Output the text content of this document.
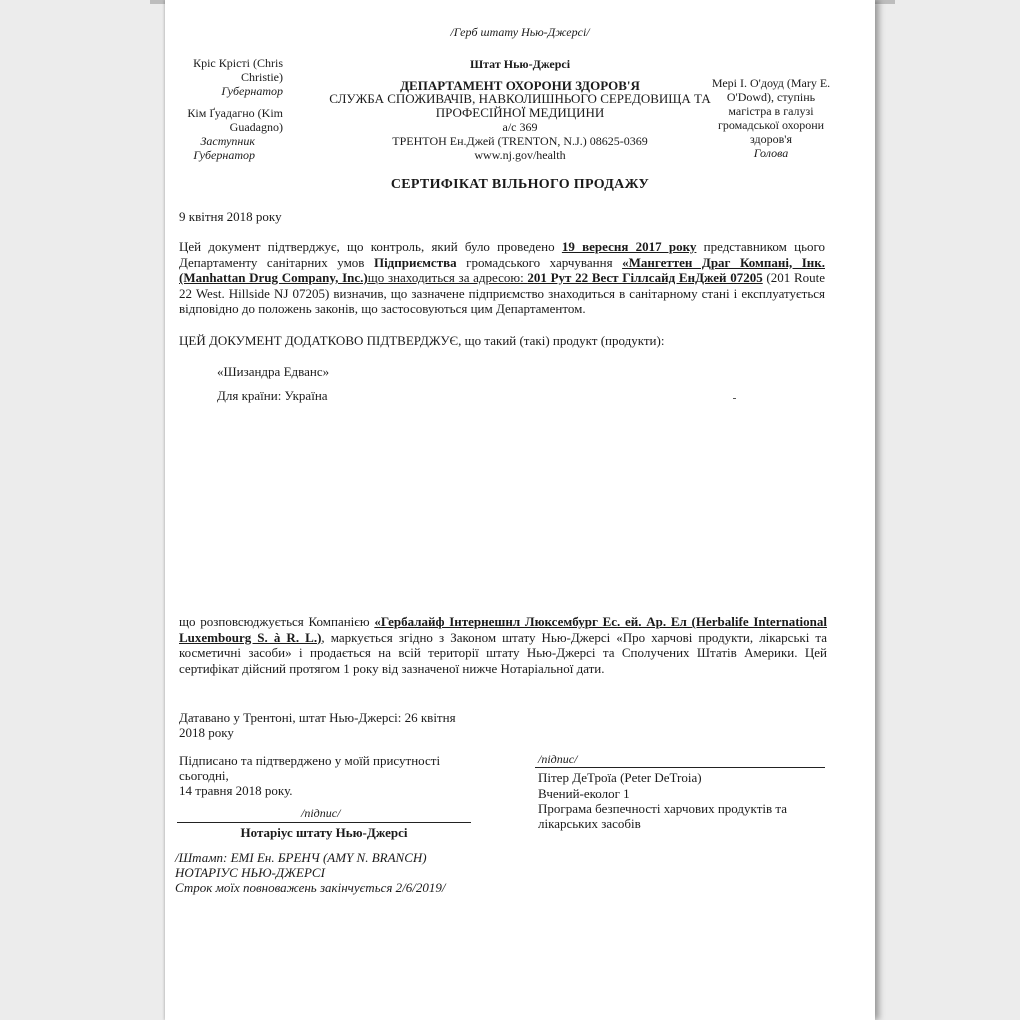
/Герб штату Нью-Джерсі/
Кріс Крісті (Chris Christie)
Губернатор
Кім Ґуадагно (Kim Guadagno)
Заступник Губернатор
Штат Нью-Джерсі
ДЕПАРТАМЕНТ ОХОРОНИ ЗДОРОВ'Я
СЛУЖБА СПОЖИВАЧІВ, НАВКОЛИШНЬОГО СЕРЕДОВИЩА ТА
ПРОФЕСІЙНОЇ МЕДИЦИНИ
а/с 369
ТРЕНТОН Ен.Джей (TRENTON, N.J.) 08625-0369
www.nj.gov/health
Мері І. О'доуд (Mary E. O'Dowd), ступінь магістра в галузі громадської охорони здоров'я
Голова
СЕРТИФІКАТ ВІЛЬНОГО ПРОДАЖУ
9 квітня 2018 року
Цей документ підтверджує, що контроль, який було проведено 19 вересня 2017 року представником цього Департаменту санітарних умов Підприємства громадського харчування «Мангеттен Драг Компані, Інк.(Manhattan Drug Company, Inc.)що знаходиться за адресою: 201 Рут 22 Вест Гіллсайд ЕнДжей 07205 (201 Route 22 West. Hillside NJ 07205) визначив, що зазначене підприємство знаходиться в санітарному стані і експлуатується відповідно до положень законів, що застосовуються цим Департаментом.
ЦЕЙ ДОКУМЕНТ ДОДАТКОВО ПІДТВЕРДЖУЄ, що такий (такі) продукт (продукти):
«Шизандра Едванс»
Для країни: Україна
що розповсюджується Компанією «Гербалайф Інтернешнл Люксембург Ес. ей. Ар. Ел (Herbalife International Luxembourg S. à R. L.), маркується згідно з Законом штату Нью-Джерсі «Про харчові продукти, лікарські та косметичні засоби» і продається на всій території штату Нью-Джерсі та Сполучених Штатів Америки. Цей сертифікат дійсний протягом 1 року від зазначеної нижче Нотаріальної дати.
Датавано у Трентоні, штат Нью-Джерсі: 26 квітня 2018 року
Підписано та підтверджено у моїй присутності
сьогодні,
14 травня 2018 року.
/підпис/
Нотаріус штату Нью-Джерсі
/Штамп: ЕМІ Ен. БРЕНЧ (AMY N. BRANCH)
НОТАРІУС НЬЮ-ДЖЕРСІ
Строк моїх повноважень закінчується 2/6/2019/
/підпис/
Пітер ДеТроїа (Peter DeTroia)
Вчений-еколог 1
Програма безпечності харчових продуктів та лікарських засобів
